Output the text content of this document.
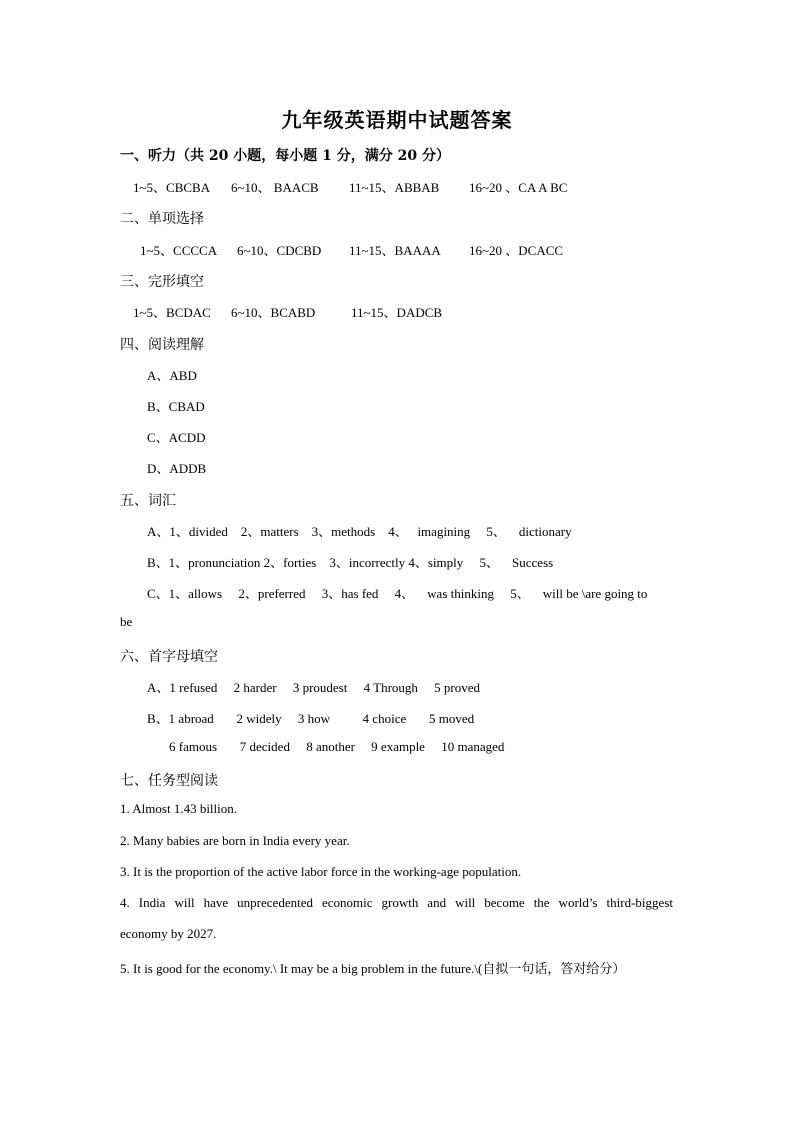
九年级英语期中试题答案
一、听力（共 20 小题，每小题 1 分，满分 20 分）
1~5、CBCBA 6~10、 BAACB 11~15、ABBAB 16~20 、CA A BC
二、单项选择
1~5、CCCCA 6~10、CDCBD 11~15、BAAAA 16~20 、DCACC
三、完形填空
1~5、BCDAC 6~10、BCABD	11~15、DADCB
四、阅读理解
A、ABD
B、CBAD
C、ACDD
D、ADDB
五、词汇
A、1、divided    2、matters    3、methods    4、   imagining     5、    dictionary
B、1、pronunciation 2、forties    3、incorrectly 4、simply     5、    Success
C、1、allows     2、preferred     3、has fed     4、    was thinking     5、    will be \are going to
be
六、首字母填空
A、1 refused     2 harder     3 proudest     4 Through     5 proved
B、1 abroad       2 widely     3 how          4 choice       5 moved
6 famous       7 decided     8 another     9 example     10 managed
七、任务型阅读
1. Almost 1.43 billion.
2. Many babies are born in India every year.
3. It is the proportion of the active labor force in the working-age population.
4. India will have unprecedented economic growth and will become the world’s third-biggest
economy by 2027.
5. It is good for the economy.\ It may be a big problem in the future.\(自拟一句话，答对给分）
